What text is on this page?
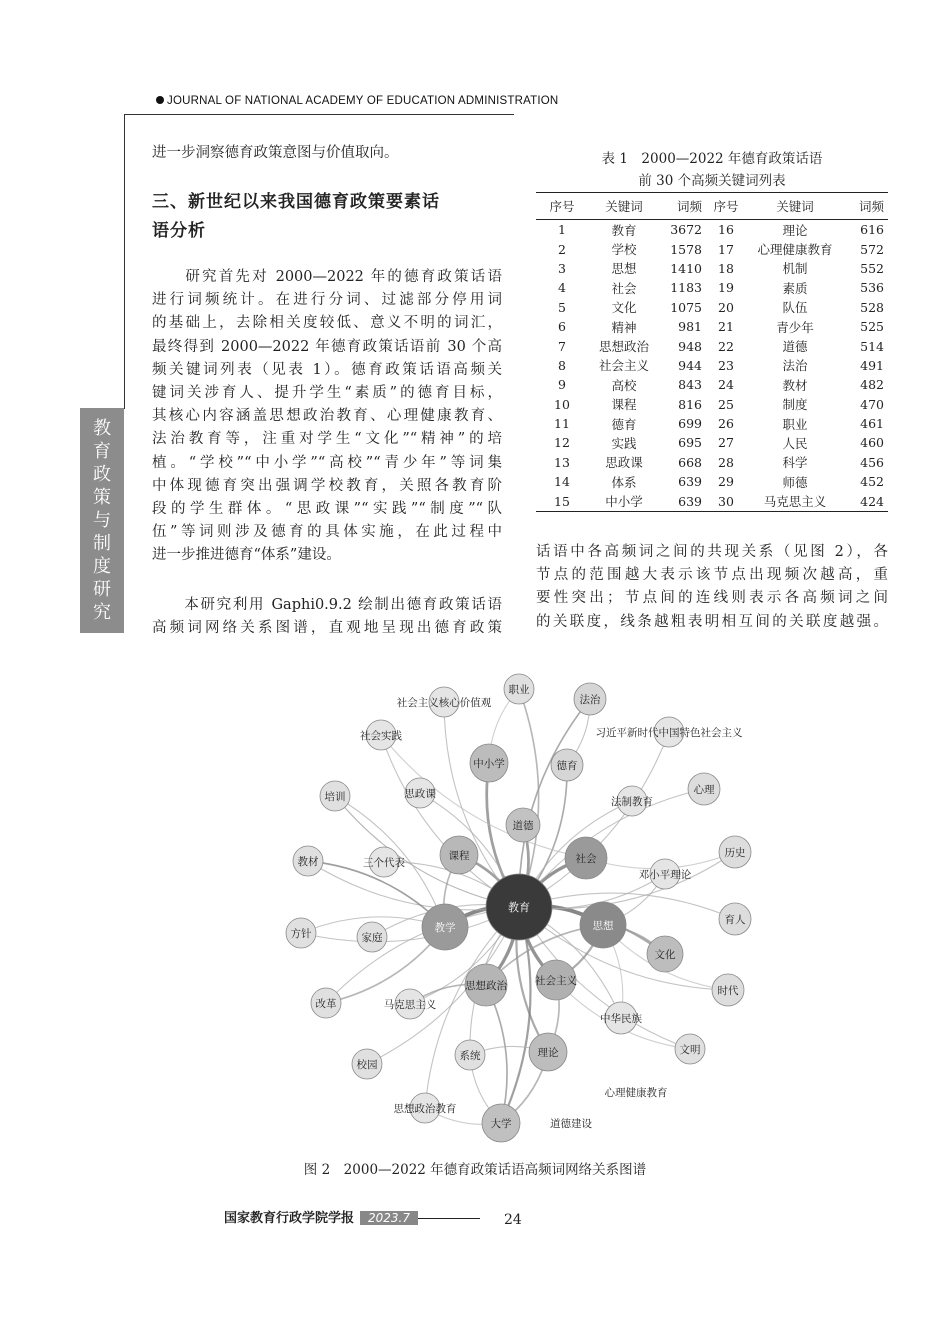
JOURNAL OF NATIONAL ACADEMY OF EDUCATION ADMINISTRATION
教
育
政
策
与
制
度
研
究
进一步洞察德育政策意图与价值取向。
三、新世纪以来我国德育政策要素话
语分析
　　研究首先对 2000—2022 年的德育政策话语
进行词频统计。在进行分词、过滤部分停用词
的基础上，去除相关度较低、意义不明的词汇，
最终得到 2000—2022 年德育政策话语前 30 个高
频关键词列表（见表 1）。德育政策话语高频关
键词关涉育人、提升学生“素质”的德育目标，
其核心内容涵盖思想政治教育、心理健康教育、
法治教育等，注重对学生“文化”“精神”的培
植。“学校”“中小学”“高校”“青少年”等词集
中体现德育突出强调学校教育，关照各教育阶
段的学生群体。“思政课”“实践”“制度”“队
伍”等词则涉及德育的具体实施，在此过程中
进一步推进德育“体系”建设。
　　本研究利用 Gaphi0.9.2 绘制出德育政策话语
高频词网络关系图谱，直观地呈现出德育政策
表 1　2000—2022 年德育政策话语
前 30 个高频关键词列表
序号	关键词	词频	序号	关键词	词频
1	教育	3672	16	理论	616
2	学校	1578	17	心理健康教育	572
3	思想	1410	18	机制	552
4	社会	1183	19	素质	536
5	文化	1075	20	队伍	528
6	精神	981	21	青少年	525
7	思想政治	948	22	道德	514
8	社会主义	944	23	法治	491
9	高校	843	24	教材	482
10	课程	816	25	制度	470
11	德育	699	26	职业	461
12	实践	695	27	人民	460
13	思政课	668	28	科学	456
14	体系	639	29	师德	452
15	中小学	639	30	马克思主义	424
话语中各高频词之间的共现关系（见图 2），各
节点的范围越大表示该节点出现频次越高，重
要性突出；节点间的连线则表示各高频词之间
的关联度，线条越粗表明相互间的关联度越强。
教育
思想
教学
社会
社会主义
思想政治
课程
中小学
道德
文化
理论
大学
德育
法治
职业
心理
历史
育人
时代
文明
中华民族
心理健康教育
道德建设
系统
校园
思想政治教育
改革	马克思主义
方针	家庭
教材	三个代表
培训	思政课
社会实践
社会主义核心价值观
习近平新时代中国特色社会主义
法制教育
邓小平理论
图 2　2000—2022 年德育政策话语高频词网络关系图谱
国家教育行政学院学报 2023.7	24
